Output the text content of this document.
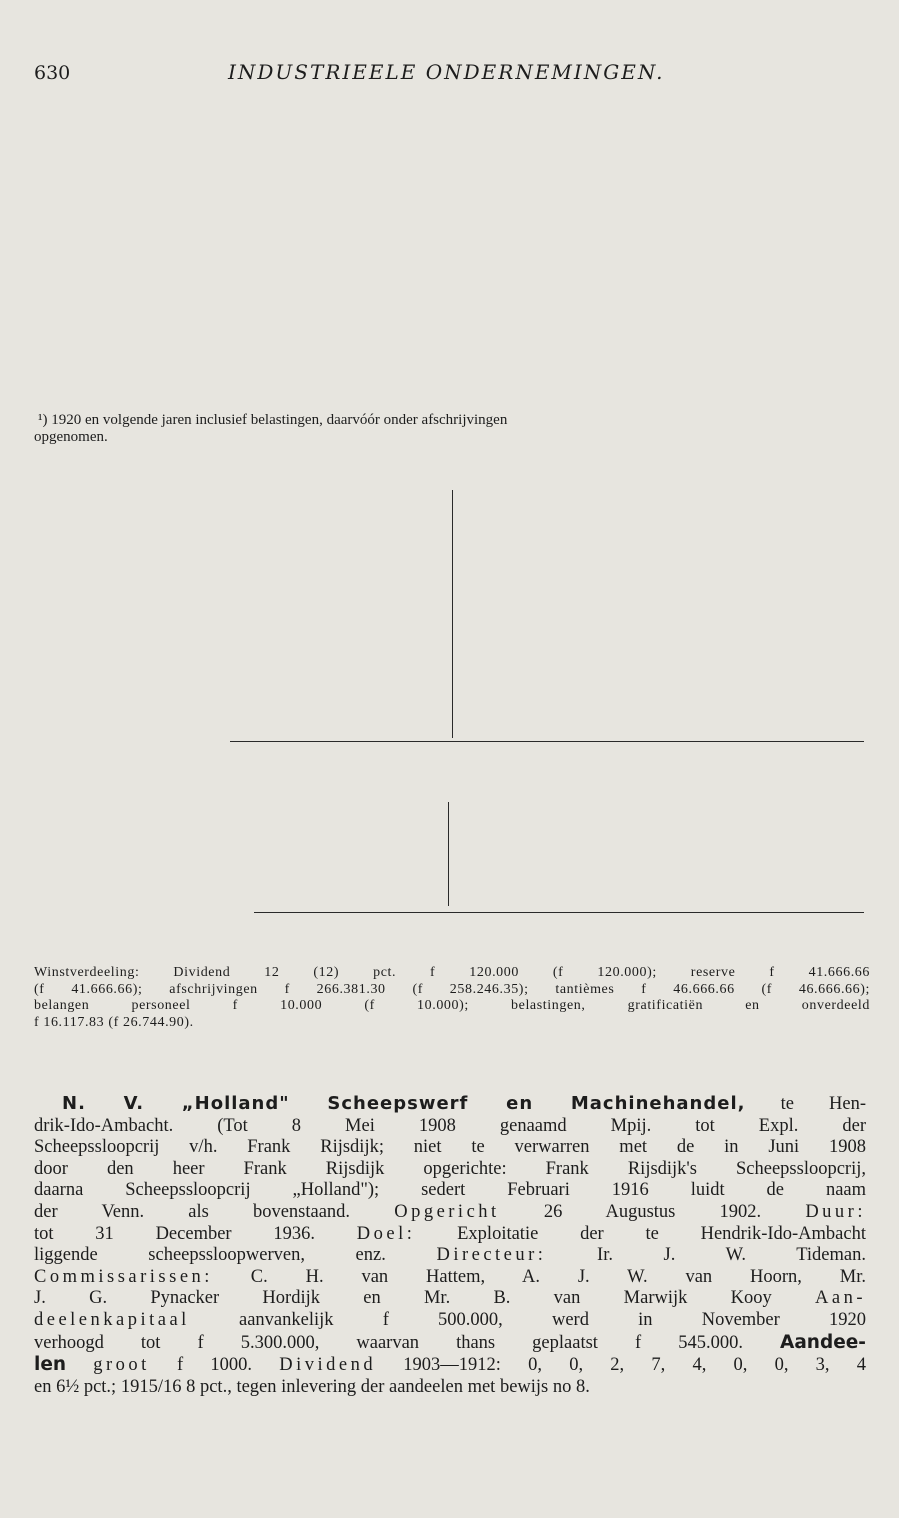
630	INDUSTRIEELE ONDERNEMINGEN.
¹) 1920 en volgende jaren inclusief belastingen, daarvóór onder afschrijvingen
opgenomen.
Winstverdeeling: Dividend 12 (12) pct. f 120.000 (f 120.000); reserve f 41.666.66
(f 41.666.66); afschrijvingen f 266.381.30 (f 258.246.35); tantièmes f 46.666.66 (f 46.666.66);
belangen personeel f 10.000 (f 10.000); belastingen, gratificatiën en onverdeeld
f 16.117.83 (f 26.744.90).
N. V. „Holland" Scheepswerf en Machinehandel, te Hen-
drik-Ido-Ambacht. (Tot 8 Mei 1908 genaamd Mpij. tot Expl. der
Scheepssloopcrij v/h. Frank Rijsdijk; niet te verwarren met de in Juni 1908
door den heer Frank Rijsdijk opgerichte: Frank Rijsdijk's Scheepssloopcrij,
daarna Scheepssloopcrij „Holland"); sedert Februari 1916 luidt de naam
der Venn. als bovenstaand. Opgericht 26 Augustus 1902. Duur:
tot 31 December 1936. Doel: Exploitatie der te Hendrik-Ido-Ambacht
liggende scheepssloopwerven, enz. Directeur: Ir. J. W. Tideman.
Commissarissen: C. H. van Hattem, A. J. W. van Hoorn, Mr.
J. G. Pynacker Hordijk en Mr. B. van Marwijk Kooy Aan-
deelenkapitaal aanvankelijk f 500.000, werd in November 1920
verhoogd tot f 5.300.000, waarvan thans geplaatst f 545.000. Aandee-
len groot f 1000. Dividend 1903—1912: 0, 0, 2, 7, 4, 0, 0, 3, 4
en 6½ pct.; 1915/16 8 pct., tegen inlevering der aandeelen met bewijs no 8.
